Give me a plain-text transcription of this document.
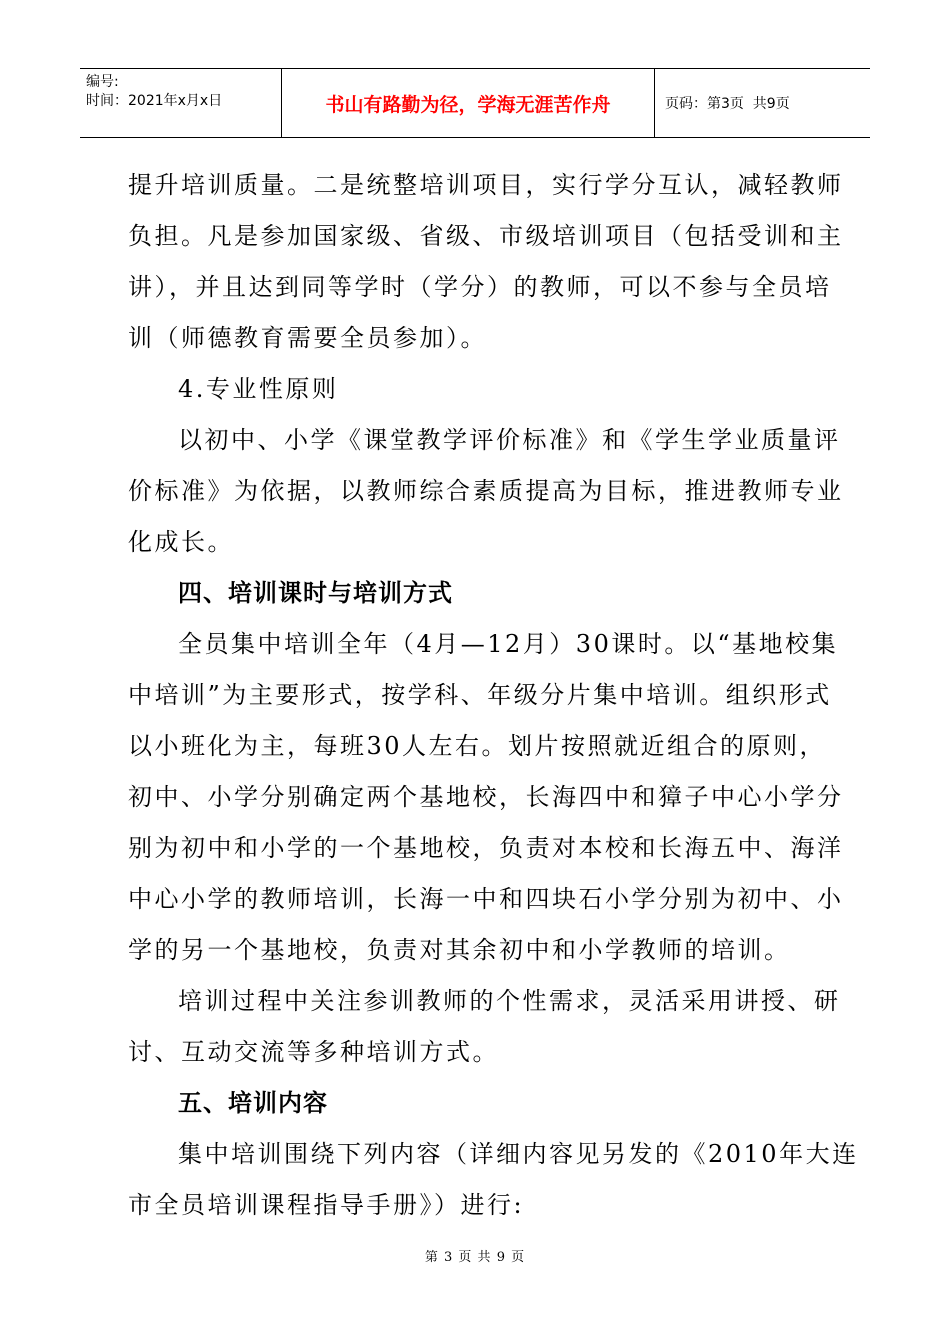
编号:
时间：2021年x月x日	书山有路勤为径，学海无涯苦作舟	页码：第3页  共9页

提升培训质量。二是统整培训项目，实行学分互认，减轻教师

负担。凡是参加国家级、省级、市级培训项目（包括受训和主

讲），并且达到同等学时（学分）的教师，可以不参与全员培

训（师德教育需要全员参加）。

4.专业性原则

以初中、小学《课堂教学评价标准》和《学生学业质量评

价标准》为依据，以教师综合素质提高为目标，推进教师专业

化成长。

四、培训课时与培训方式

全员集中培训全年（4月—12月）30课时。以“基地校集

中培训”为主要形式，按学科、年级分片集中培训。组织形式

以小班化为主，每班30人左右。划片按照就近组合的原则，

初中、小学分别确定两个基地校，长海四中和獐子中心小学分

别为初中和小学的一个基地校，负责对本校和长海五中、海洋

中心小学的教师培训，长海一中和四块石小学分别为初中、小

学的另一个基地校，负责对其余初中和小学教师的培训。

培训过程中关注参训教师的个性需求，灵活采用讲授、研

讨、互动交流等多种培训方式。

五、培训内容

集中培训围绕下列内容（详细内容见另发的《2010年大连

市全员培训课程指导手册》）进行:

第 3 页 共 9 页
